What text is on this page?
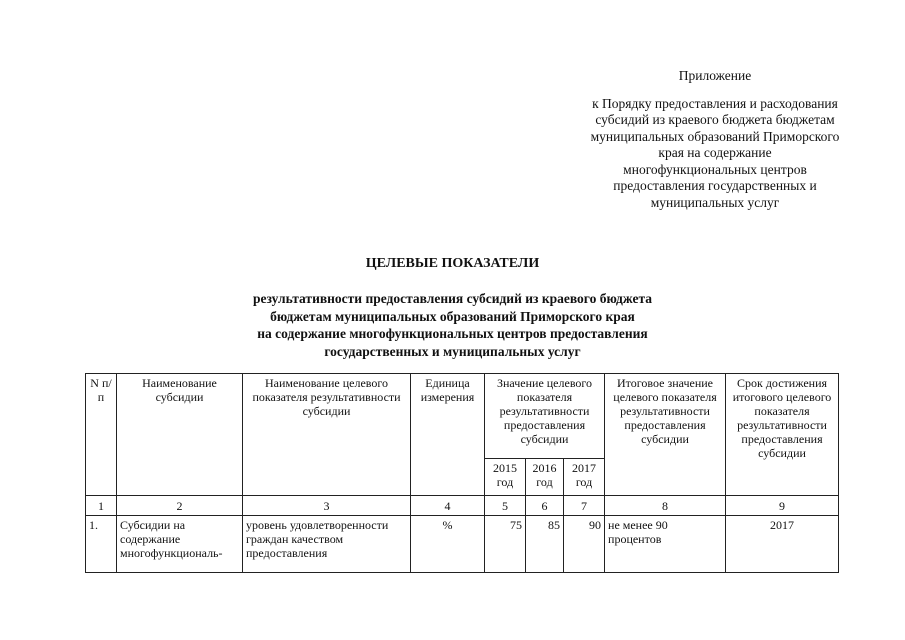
Приложение
к Порядку предоставления и расходования
субсидий из краевого бюджета бюджетам
муниципальных образований Приморского
края на содержание
многофункциональных центров
предоставления государственных и
муниципальных услуг
ЦЕЛЕВЫЕ ПОКАЗАТЕЛИ
результативности предоставления субсидий из краевого бюджета
бюджетам муниципальных образований Приморского края
на содержание многофункциональных центров предоставления
государственных и муниципальных услуг
N п/п	Наименование субсидии	Наименование целевого показателя результативности субсидии	Единица измерения	Значение целевого показателя результативности предоставления субсидии			Итоговое значение целевого показателя результативности предоставления субсидии	Срок достижения итогового целевого показателя результативности предоставления субсидии
				2015 год	2016 год	2017 год		
1	2	3	4	5	6	7	8	9
1.	Субсидии на содержание многофункциональ-	уровень удовлетворенности граждан качеством предоставления	%	75	85	90	не менее 90 процентов	2017
